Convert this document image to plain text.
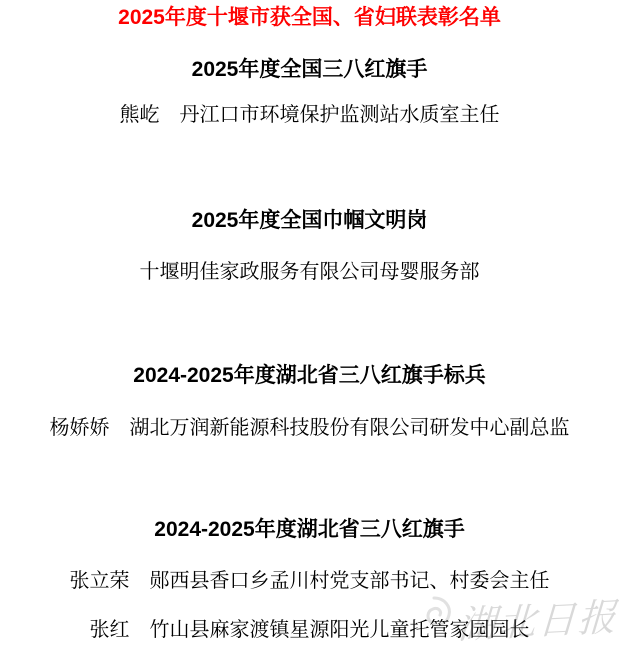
2025年度十堰市获全国、省妇联表彰名单
2025年度全国三八红旗手
熊屹　丹江口市环境保护监测站水质室主任
2025年度全国巾帼文明岗
十堰明佳家政服务有限公司母婴服务部
2024-2025年度湖北省三八红旗手标兵
杨娇娇　湖北万润新能源科技股份有限公司研发中心副总监
2024-2025年度湖北省三八红旗手
张立荣　郧西县香口乡孟川村党支部书记、村委会主任
张红　竹山县麻家渡镇星源阳光儿童托管家园园长
湖北日报
